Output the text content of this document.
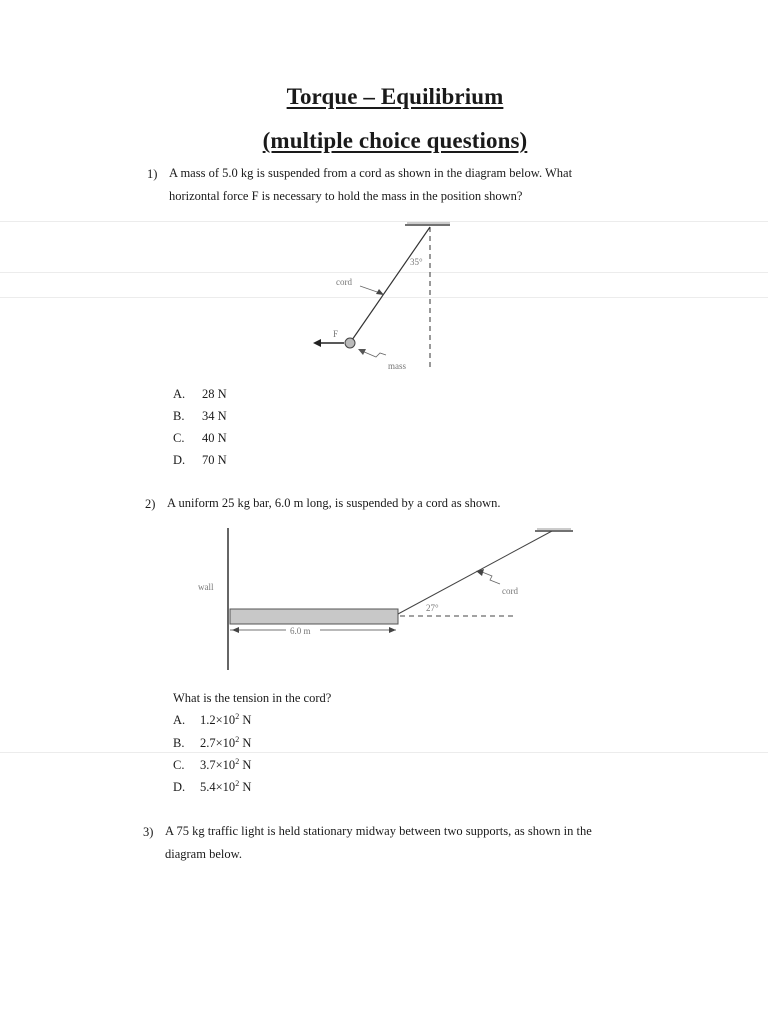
Torque – Equilibrium
(multiple choice questions)
1) A mass of 5.0 kg is suspended from a cord as shown in the diagram below. What
horizontal force F is necessary to hold the mass in the position shown?
F
35°
cord
mass
A. 28 N
B. 34 N
C. 40 N
D. 70 N
2) A uniform 25 kg bar, 6.0 m long, is suspended by a cord as shown.
wall
27°
cord
6.0 m
What is the tension in the cord?
A. $1.2\times 10^2$ N
B. $2.7\times 10^2$ N
C. $3.7\times 10^2$ N
D. $5.4\times 10^2$ N
3) A 75 kg traffic light is held stationary midway between two supports, as shown in the
diagram below.
